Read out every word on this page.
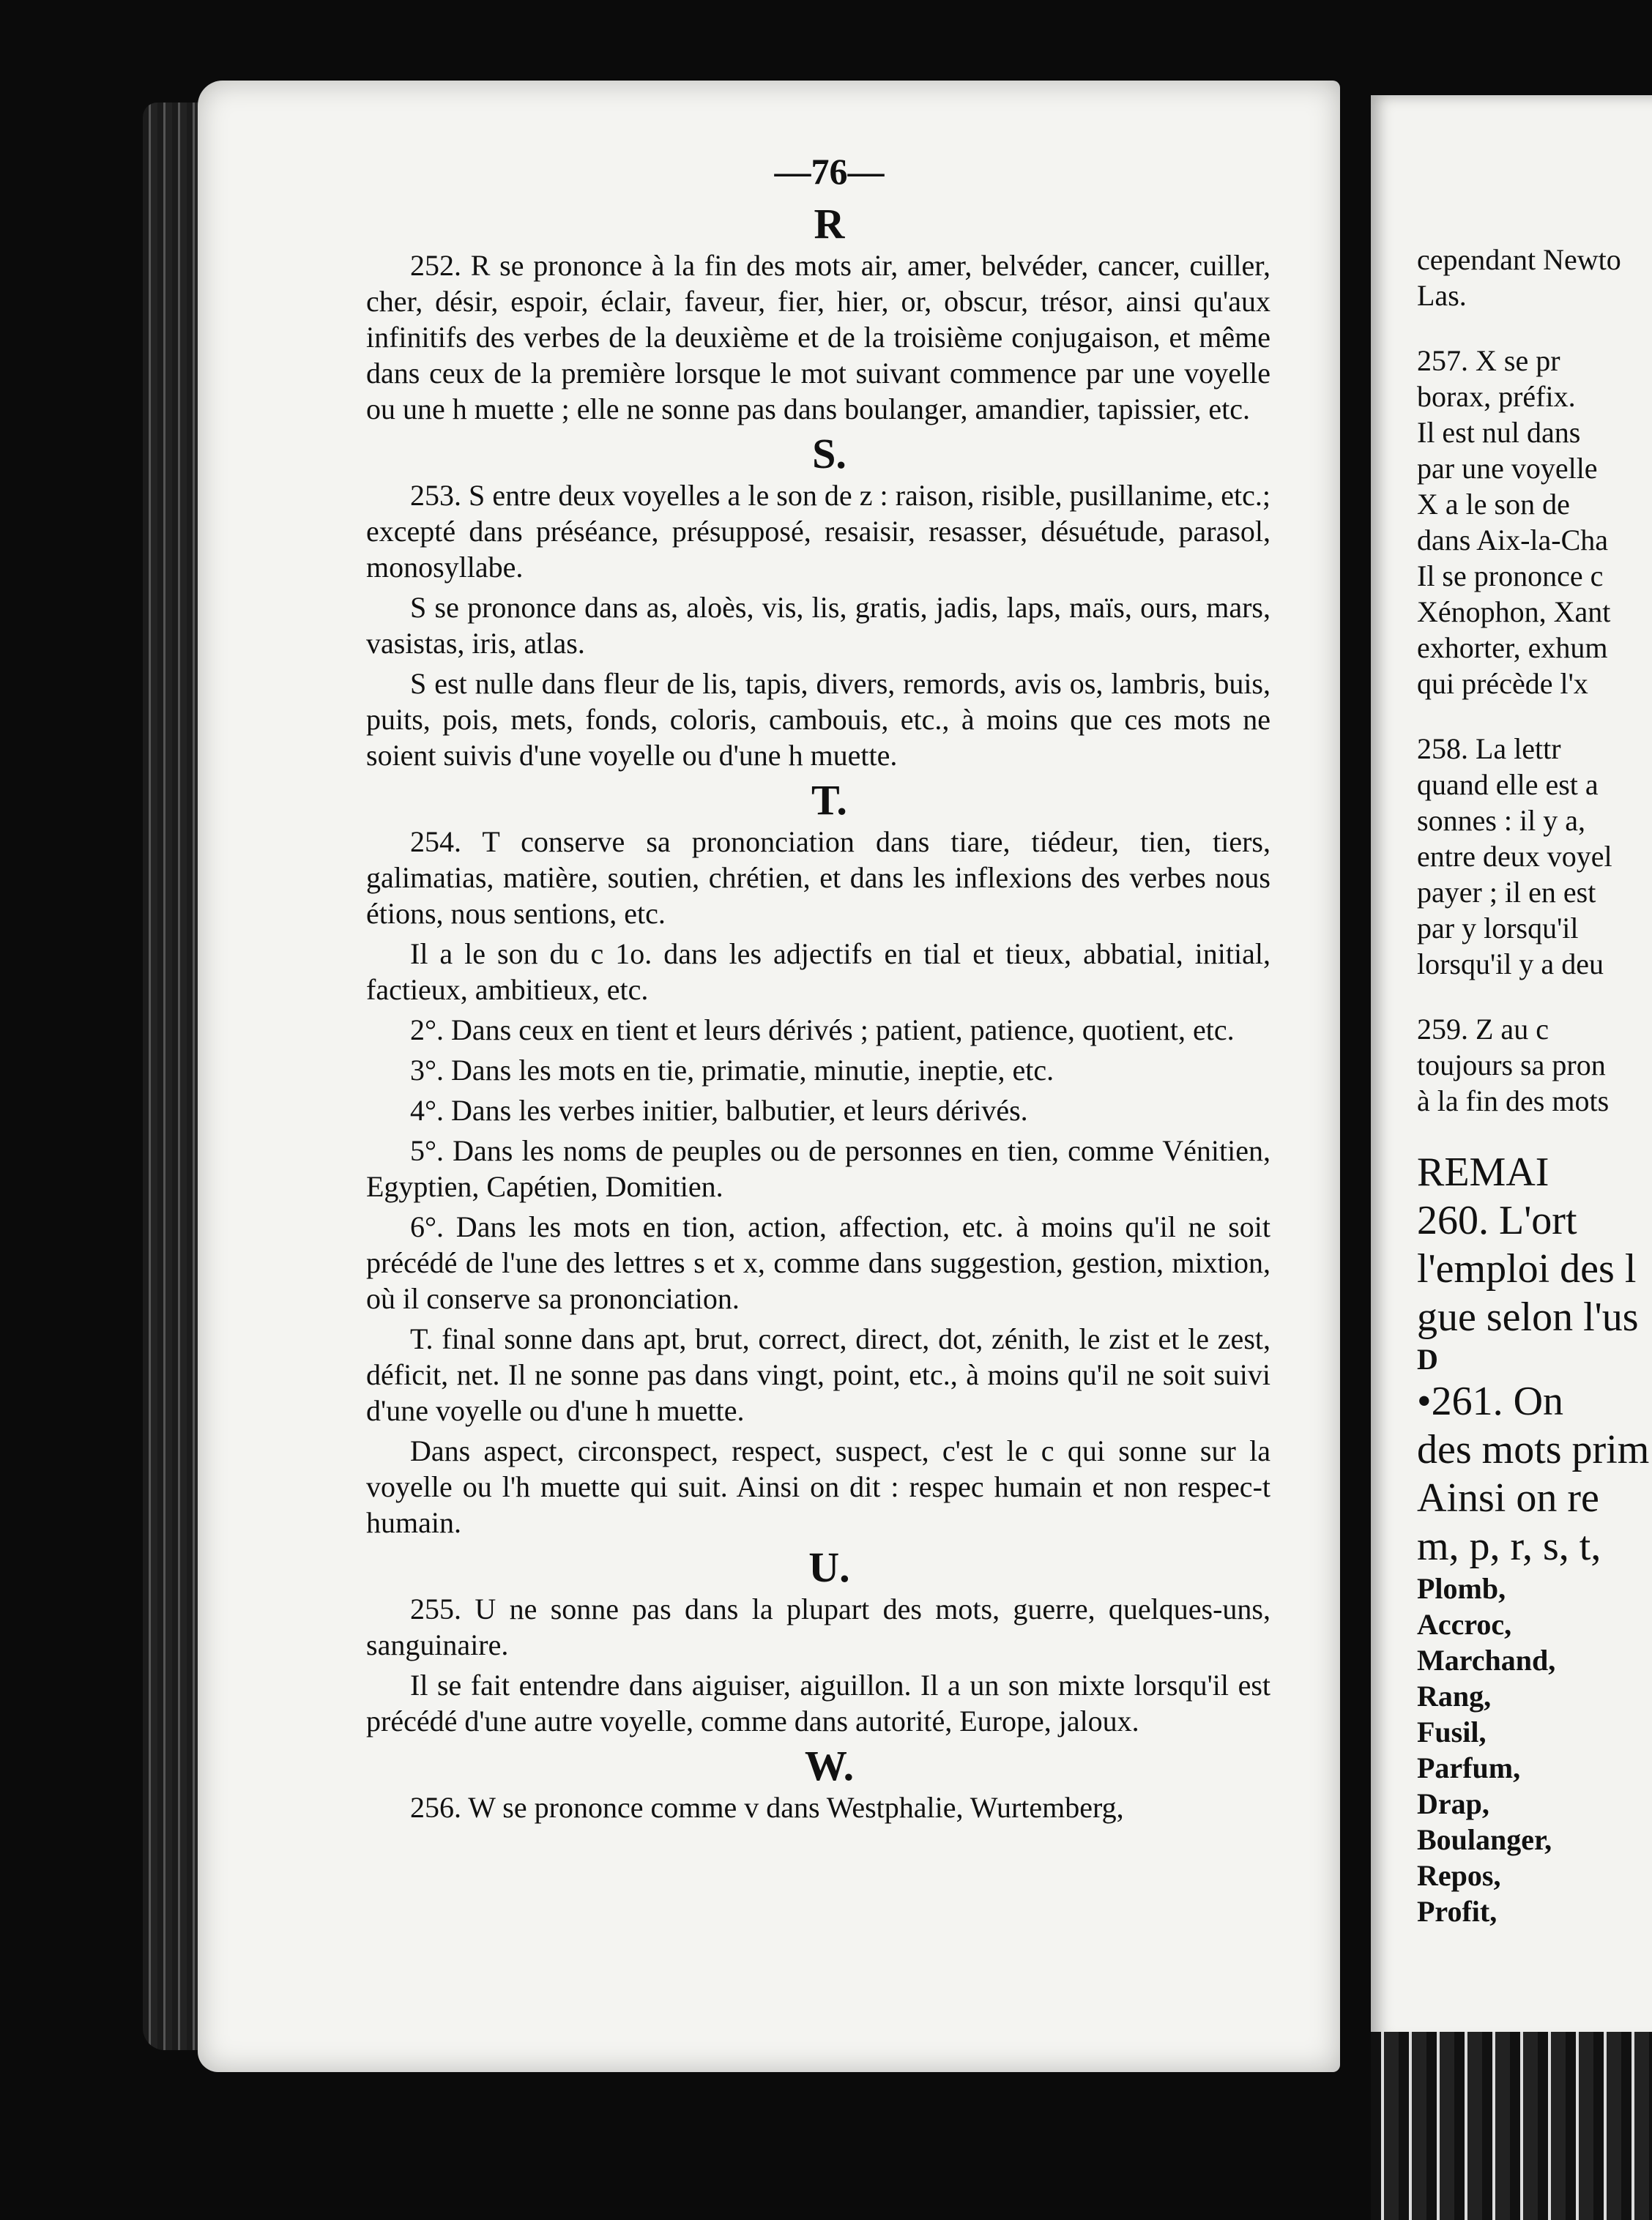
—76—
R

252. R se prononce à la fin des mots air, amer, belvéder, cancer, cuiller, cher, désir, espoir, éclair, faveur, fier, hier, or, obscur, trésor, ainsi qu'aux infinitifs des verbes de la deuxième et de la troisième conjugaison, et même dans ceux de la première lorsque le mot suivant commence par une voyelle ou une h muette ; elle ne sonne pas dans boulanger, amandier, tapissier, etc.

S.

253. S entre deux voyelles a le son de z : raison, risible, pusillanime, etc.; excepté dans préséance, présupposé, resaisir, resasser, désuétude, parasol, monosyllabe.

S se prononce dans as, aloès, vis, lis, gratis, jadis, laps, maïs, ours, mars, vasistas, iris, atlas.

S est nulle dans fleur de lis, tapis, divers, remords, avis os, lambris, buis, puits, pois, mets, fonds, coloris, cambouis, etc., à moins que ces mots ne soient suivis d'une voyelle ou d'une h muette.

T.

254. T conserve sa prononciation dans tiare, tiédeur, tien, tiers, galimatias, matière, soutien, chrétien, et dans les inflexions des verbes nous étions, nous sentions, etc.

Il a le son du c 1o. dans les adjectifs en tial et tieux, abbatial, initial, factieux, ambitieux, etc.

2°. Dans ceux en tient et leurs dérivés ; patient, patience, quotient, etc.

3°. Dans les mots en tie, primatie, minutie, ineptie, etc.

4°. Dans les verbes initier, balbutier, et leurs dérivés.

5°. Dans les noms de peuples ou de personnes en tien, comme Vénitien, Egyptien, Capétien, Domitien.

6°. Dans les mots en tion, action, affection, etc. à moins qu'il ne soit précédé de l'une des lettres s et x, comme dans suggestion, gestion, mixtion, où il conserve sa prononciation.

T. final sonne dans apt, brut, correct, direct, dot, zénith, le zist et le zest, déficit, net. Il ne sonne pas dans vingt, point, etc., à moins qu'il ne soit suivi d'une voyelle ou d'une h muette.

Dans aspect, circonspect, respect, suspect, c'est le c qui sonne sur la voyelle ou l'h muette qui suit. Ainsi on dit : respec humain et non respec-t humain.

U.

255. U ne sonne pas dans la plupart des mots, guerre, quelques-uns, sanguinaire.

Il se fait entendre dans aiguiser, aiguillon. Il a un son mixte lorsqu'il est précédé d'une autre voyelle, comme dans autorité, Europe, jaloux.

W.

256. W se prononce comme v dans Westphalie, Wurtemberg,

cependant Newto

Las.

257. X se pr

borax, préfix.

Il est nul dans

par une voyelle

X a le son de

dans Aix-la-Cha

Il se prononce c

Xénophon, Xant

exhorter, exhum

qui précède l'x

258. La lettr

quand elle est a

sonnes : il y a,

entre deux voyel

payer ; il en est

par y lorsqu'il

lorsqu'il y a deu

259. Z au c

toujours sa pron

à la fin des mots

REMAI

260. L'ort

l'emploi des l

gue selon l'us

D

•261. On

des mots prim

Ainsi on re

m, p, r, s, t,

Plomb,

Accroc,

Marchand,

Rang,

Fusil,

Parfum,

Drap,

Boulanger,

Repos,

Profit,
